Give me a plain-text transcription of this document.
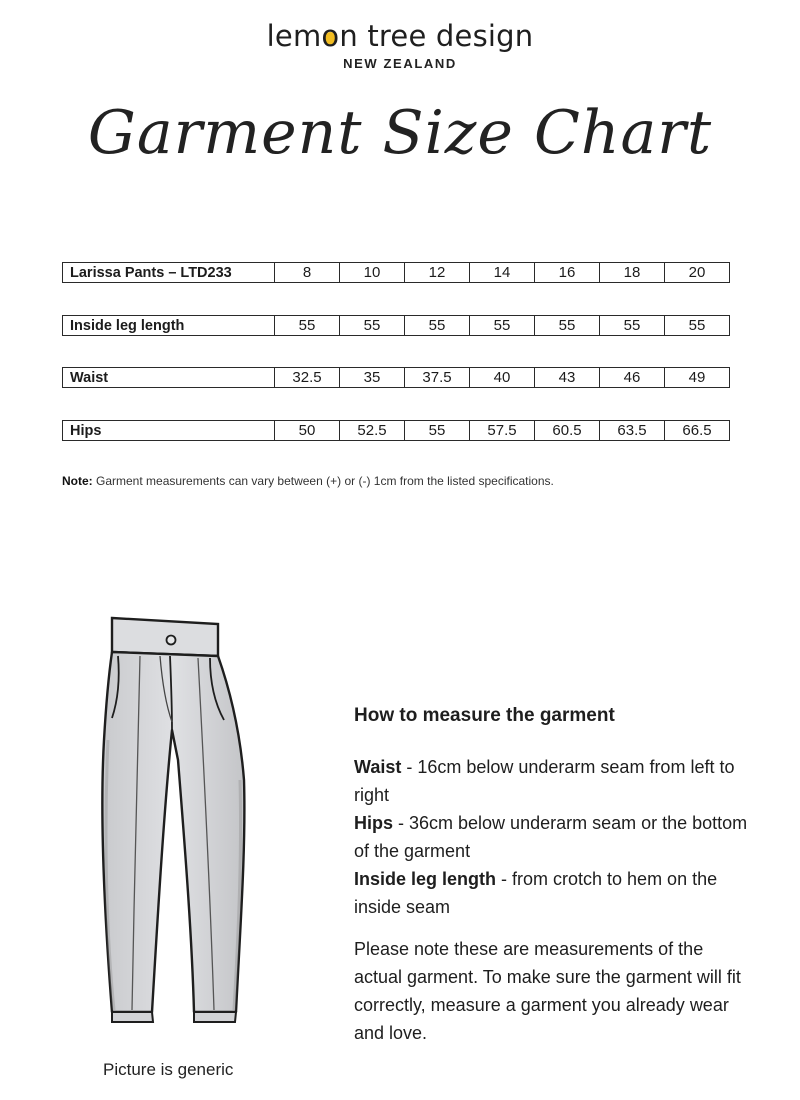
lem
on tree design
NEW ZEALAND
Garment Size Chart
Larissa Pants – LTD233	8	10	12	14	16	18	20
Inside leg length	55	55	55	55	55	55	55
Waist	32.5	35	37.5	40	43	46	49
Hips	50	52.5	55	57.5	60.5	63.5	66.5
Note: Garment measurements can vary between (+) or (-) 1cm from the listed specifications.
Picture is generic
How to measure the garment

Waist - 16cm below underarm seam from left to right

Hips - 36cm below underarm seam or the bottom of the garment

Inside leg length - from crotch to hem on the inside seam

Please note these are measurements of the actual garment. To make sure the garment will fit correctly, measure a garment you already wear and love.
